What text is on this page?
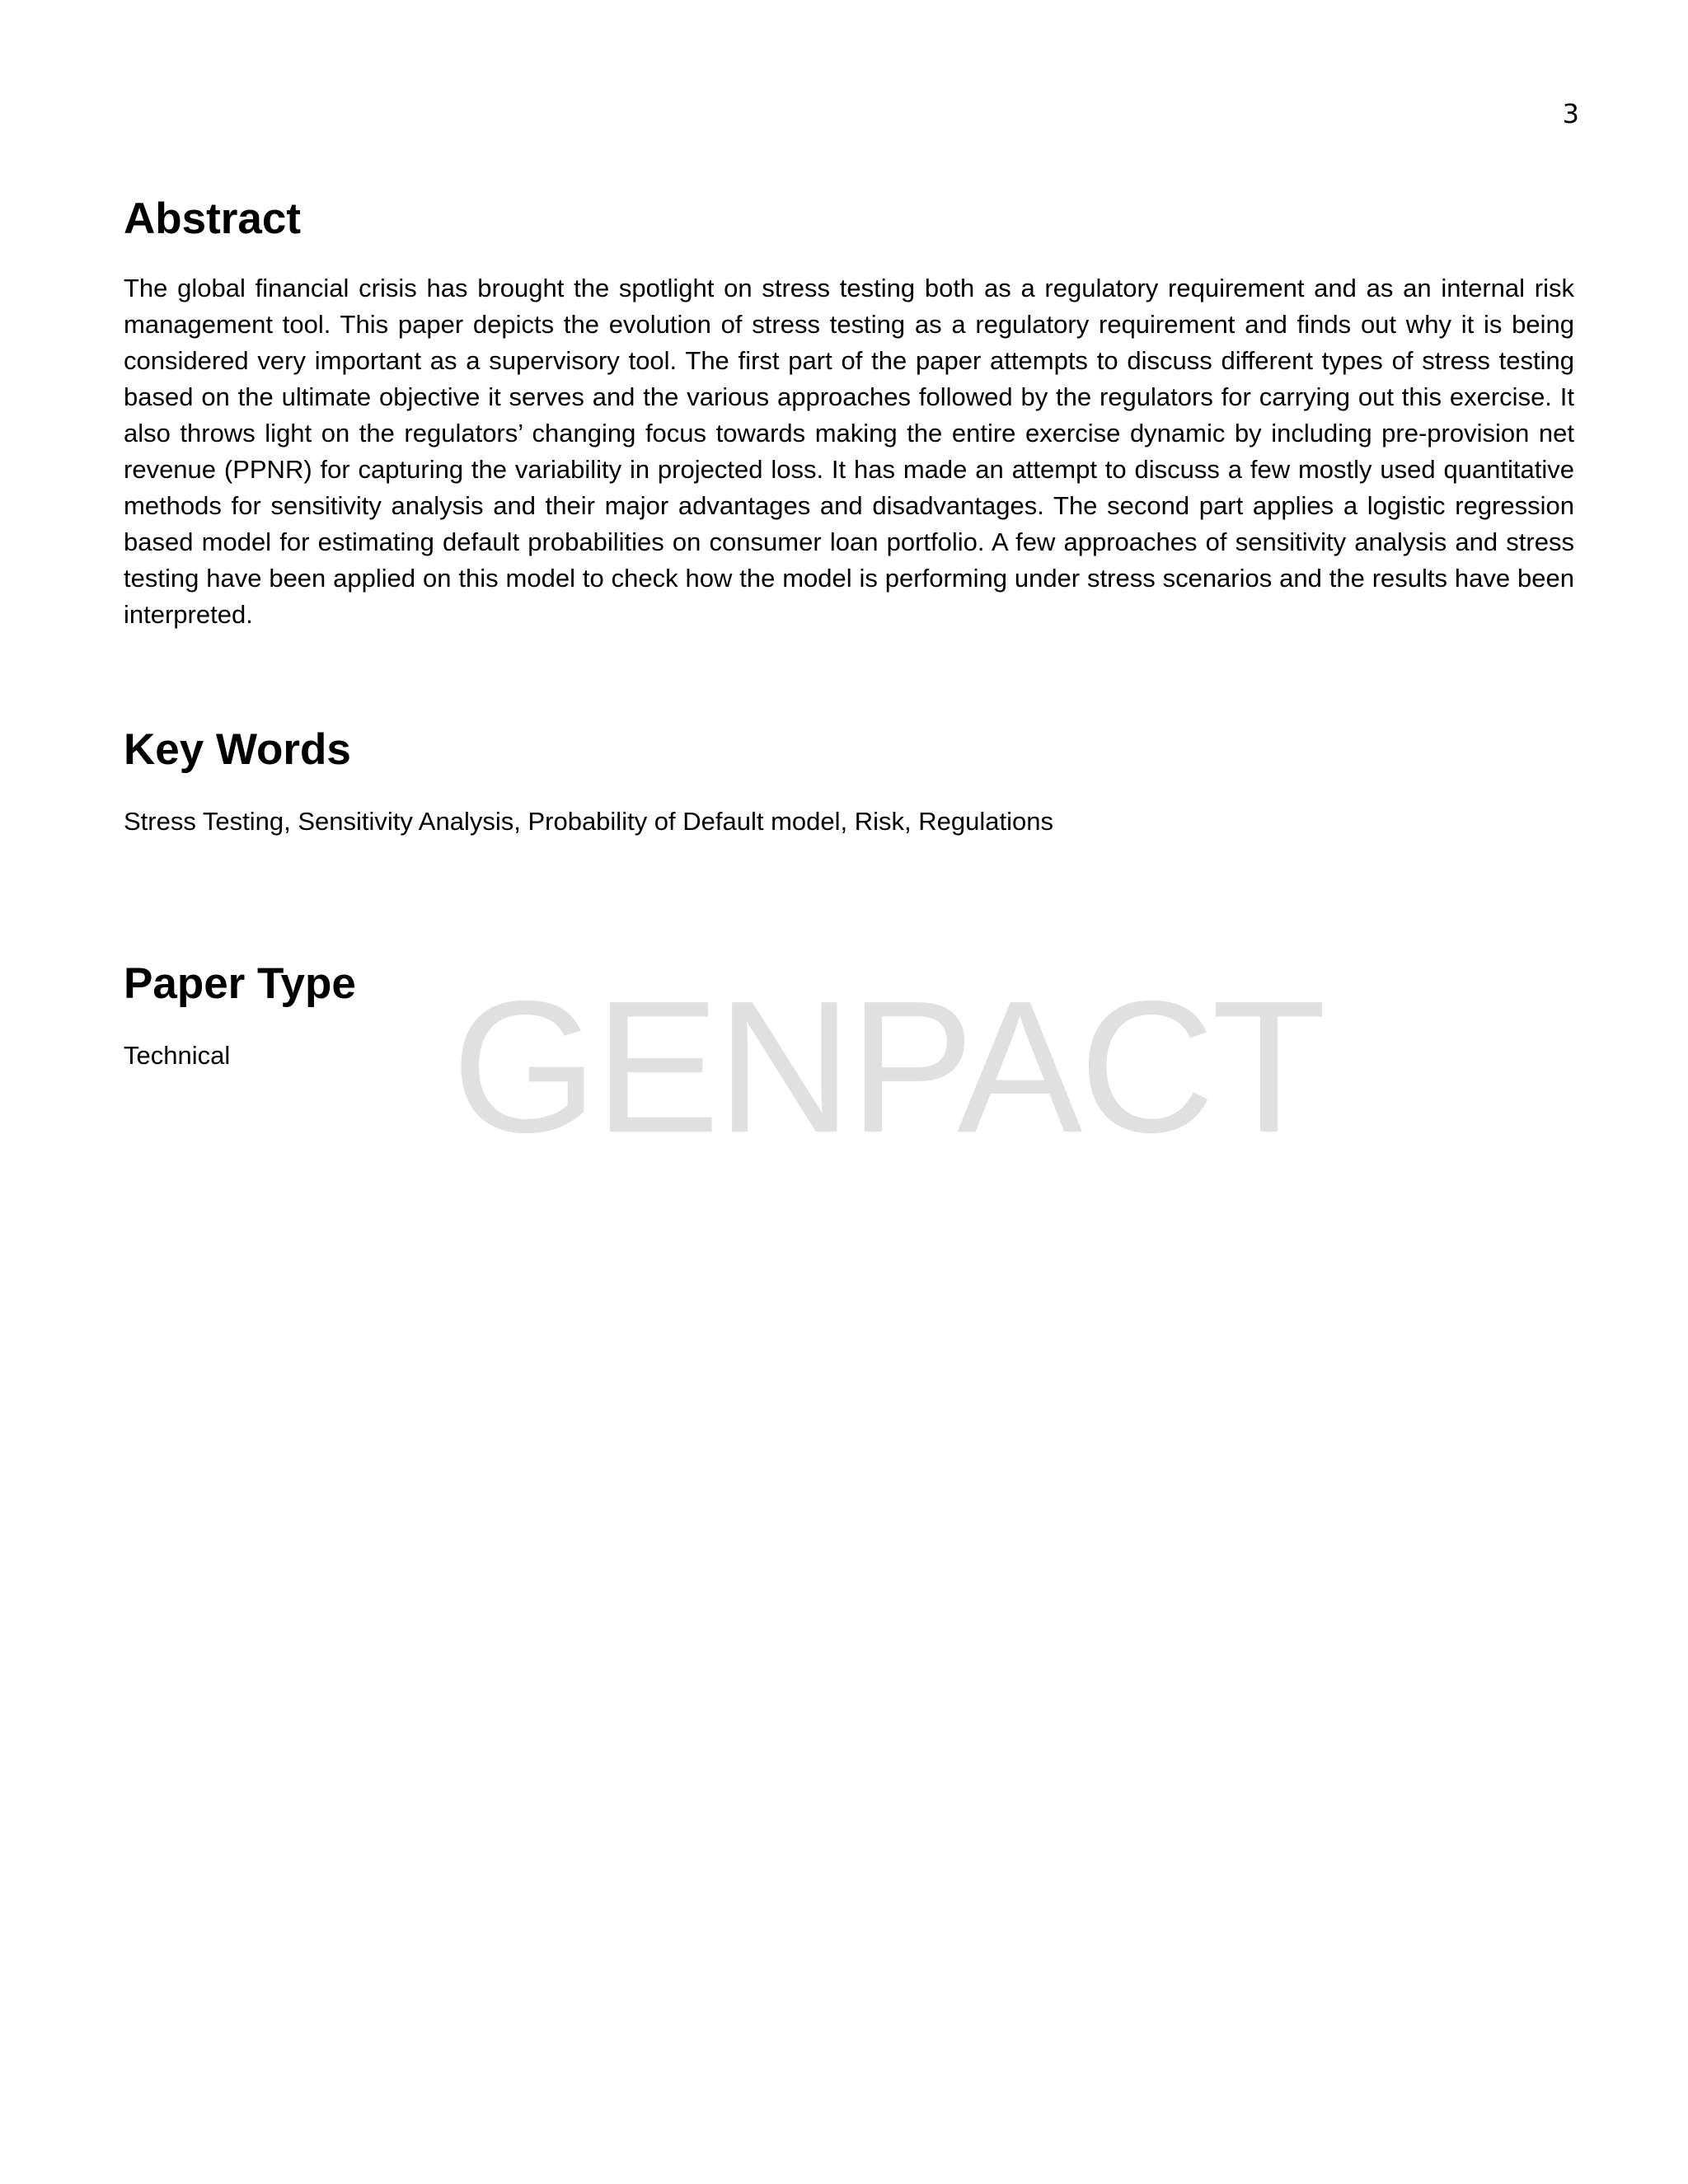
3
GENPACT
Abstract

The global financial crisis has brought the spotlight on stress testing both as a regulatory requirement and as an internal risk management tool. This paper depicts the evolution of stress testing as a regulatory requirement and finds out why it is being considered very important as a supervisory tool. The first part of the paper attempts to discuss different types of stress testing based on the ultimate objective it serves and the various approaches followed by the regulators for carrying out this exercise. It also throws light on the regulators’ changing focus towards making the entire exercise dynamic by including pre-provision net revenue (PPNR) for capturing the variability in projected loss. It has made an attempt to discuss a few mostly used quantitative methods for sensitivity analysis and their major advantages and disadvantages. The second part applies a logistic regression based model for estimating default probabilities on consumer loan portfolio. A few approaches of sensitivity analysis and stress testing have been applied on this model to check how the model is performing under stress scenarios and the results have been interpreted.

Key Words

Stress Testing, Sensitivity Analysis, Probability of Default model, Risk, Regulations

Paper Type

Technical
